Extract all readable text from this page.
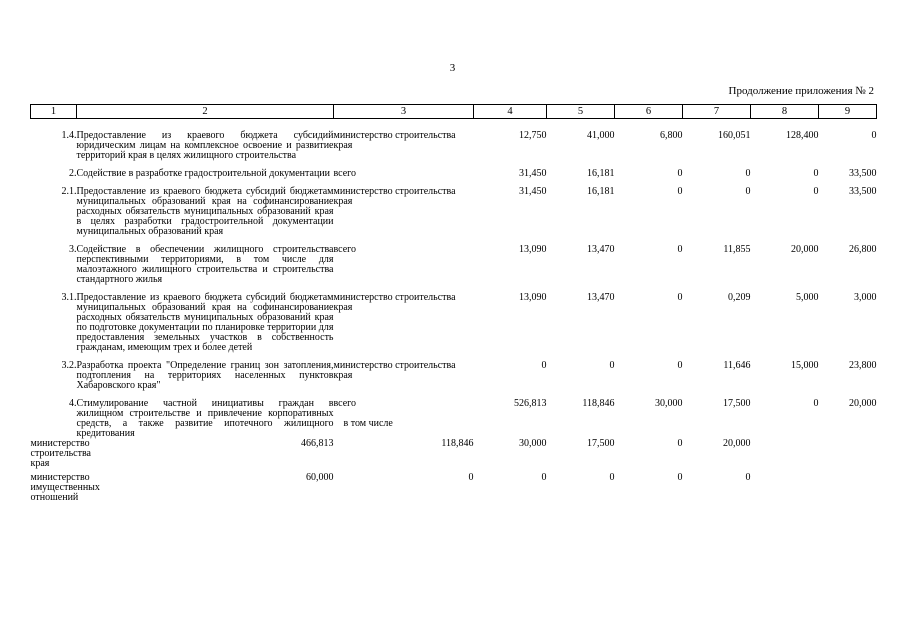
3
Продолжение приложения № 2
1	2	3	4	5	6	7	8	9

1.4.	Предоставление из краевого бюджета субсидий юридическим лицам на комплексное освоение и развитие территорий края в целях жилищного строительства	министерство строительства края	12,750	41,000	6,800	160,051	128,400	0

2.	Содействие в разработке градостроительной документации	всего	31,450	16,181	0	0	0	33,500

2.1.	Предоставление из краевого бюджета субсидий бюджетам муниципальных образований края на софинансирование расходных обязательств муниципальных образований края в целях разработки градостроительной документации муниципальных образований края	министерство строительства края	31,450	16,181	0	0	0	33,500

3.	Содействие в обеспечении жилищного строительства перспективными территориями, в том числе для малоэтажного жилищного строительства и строительства стандартного жилья	всего	13,090	13,470	0	11,855	20,000	26,800

3.1.	Предоставление из краевого бюджета субсидий бюджетам муниципальных образований края на софинансирование расходных обязательств муниципальных образований края по подготовке документации по планировке территории для предоставления земельных участков в собственность гражданам, имеющим трех и более детей	министерство строительства края	13,090	13,470	0	0,209	5,000	3,000

3.2.	Разработка проекта "Определение границ зон затопления, подтопления на территориях населенных пунктов Хабаровского края"	министерство строительства края	0	0	0	11,646	15,000	23,800

4.	Стимулирование частной инициативы граждан в жилищном строительстве и привлечение корпоративных средств, а также развитие ипотечного жилищного кредитования	всего	526,813	118,846	30,000	17,500	0	20,000

		в том числе						

министерство строительства края	466,813	118,846	30,000	17,500	0	20,000		

министерство имущественных отношений	60,000	0	0	0	0	0		
